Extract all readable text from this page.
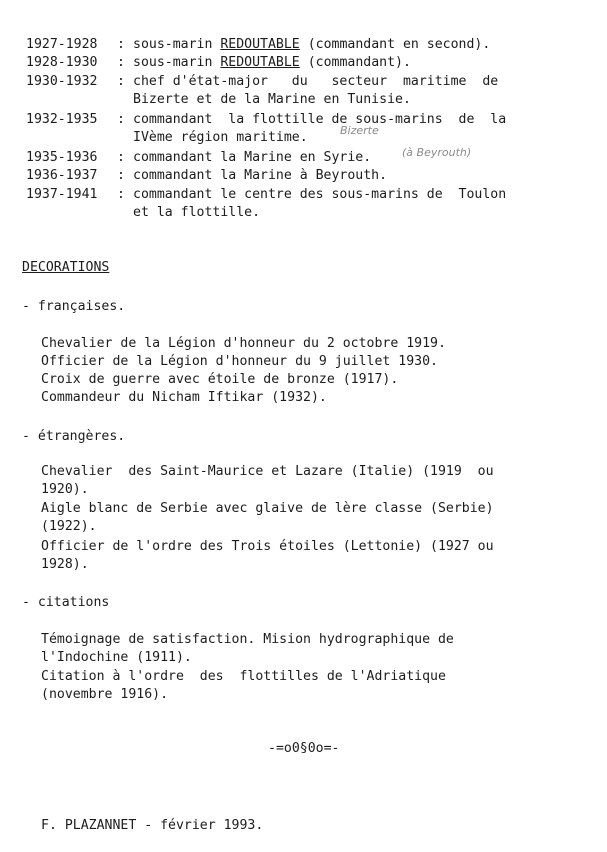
1927-1928 : sous-marin REDOUTABLE (commandant en second).
1928-1930 : sous-marin REDOUTABLE (commandant).
1930-1932 : chef d'état-major   du   secteur  maritime  de
Bizerte et de la Marine en Tunisie.
1932-1935 : commandant  la flottille de sous-marins  de  la
IVème région maritime.	Bizerte
1935-1936 : commandant la Marine en Syrie.	(à Beyrouth)
1936-1937 : commandant la Marine à Beyrouth.
1937-1941 : commandant le centre des sous-marins de  Toulon
et la flottille.
DECORATIONS
- françaises.
Chevalier de la Légion d'honneur du 2 octobre 1919.
Officier de la Légion d'honneur du 9 juillet 1930.
Croix de guerre avec étoile de bronze (1917).
Commandeur du Nicham Iftikar (1932).
- étrangères.
Chevalier  des Saint-Maurice et Lazare (Italie) (1919  ou
1920).
Aigle blanc de Serbie avec glaive de lère classe (Serbie)
(1922).
Officier de l'ordre des Trois étoiles (Lettonie) (1927 ou
1928).
- citations
Témoignage de satisfaction. Mision hydrographique de
l'Indochine (1911).
Citation à l'ordre  des  flottilles de l'Adriatique
(novembre 1916).
-=o0§0o=-
F. PLAZANNET - février 1993.
